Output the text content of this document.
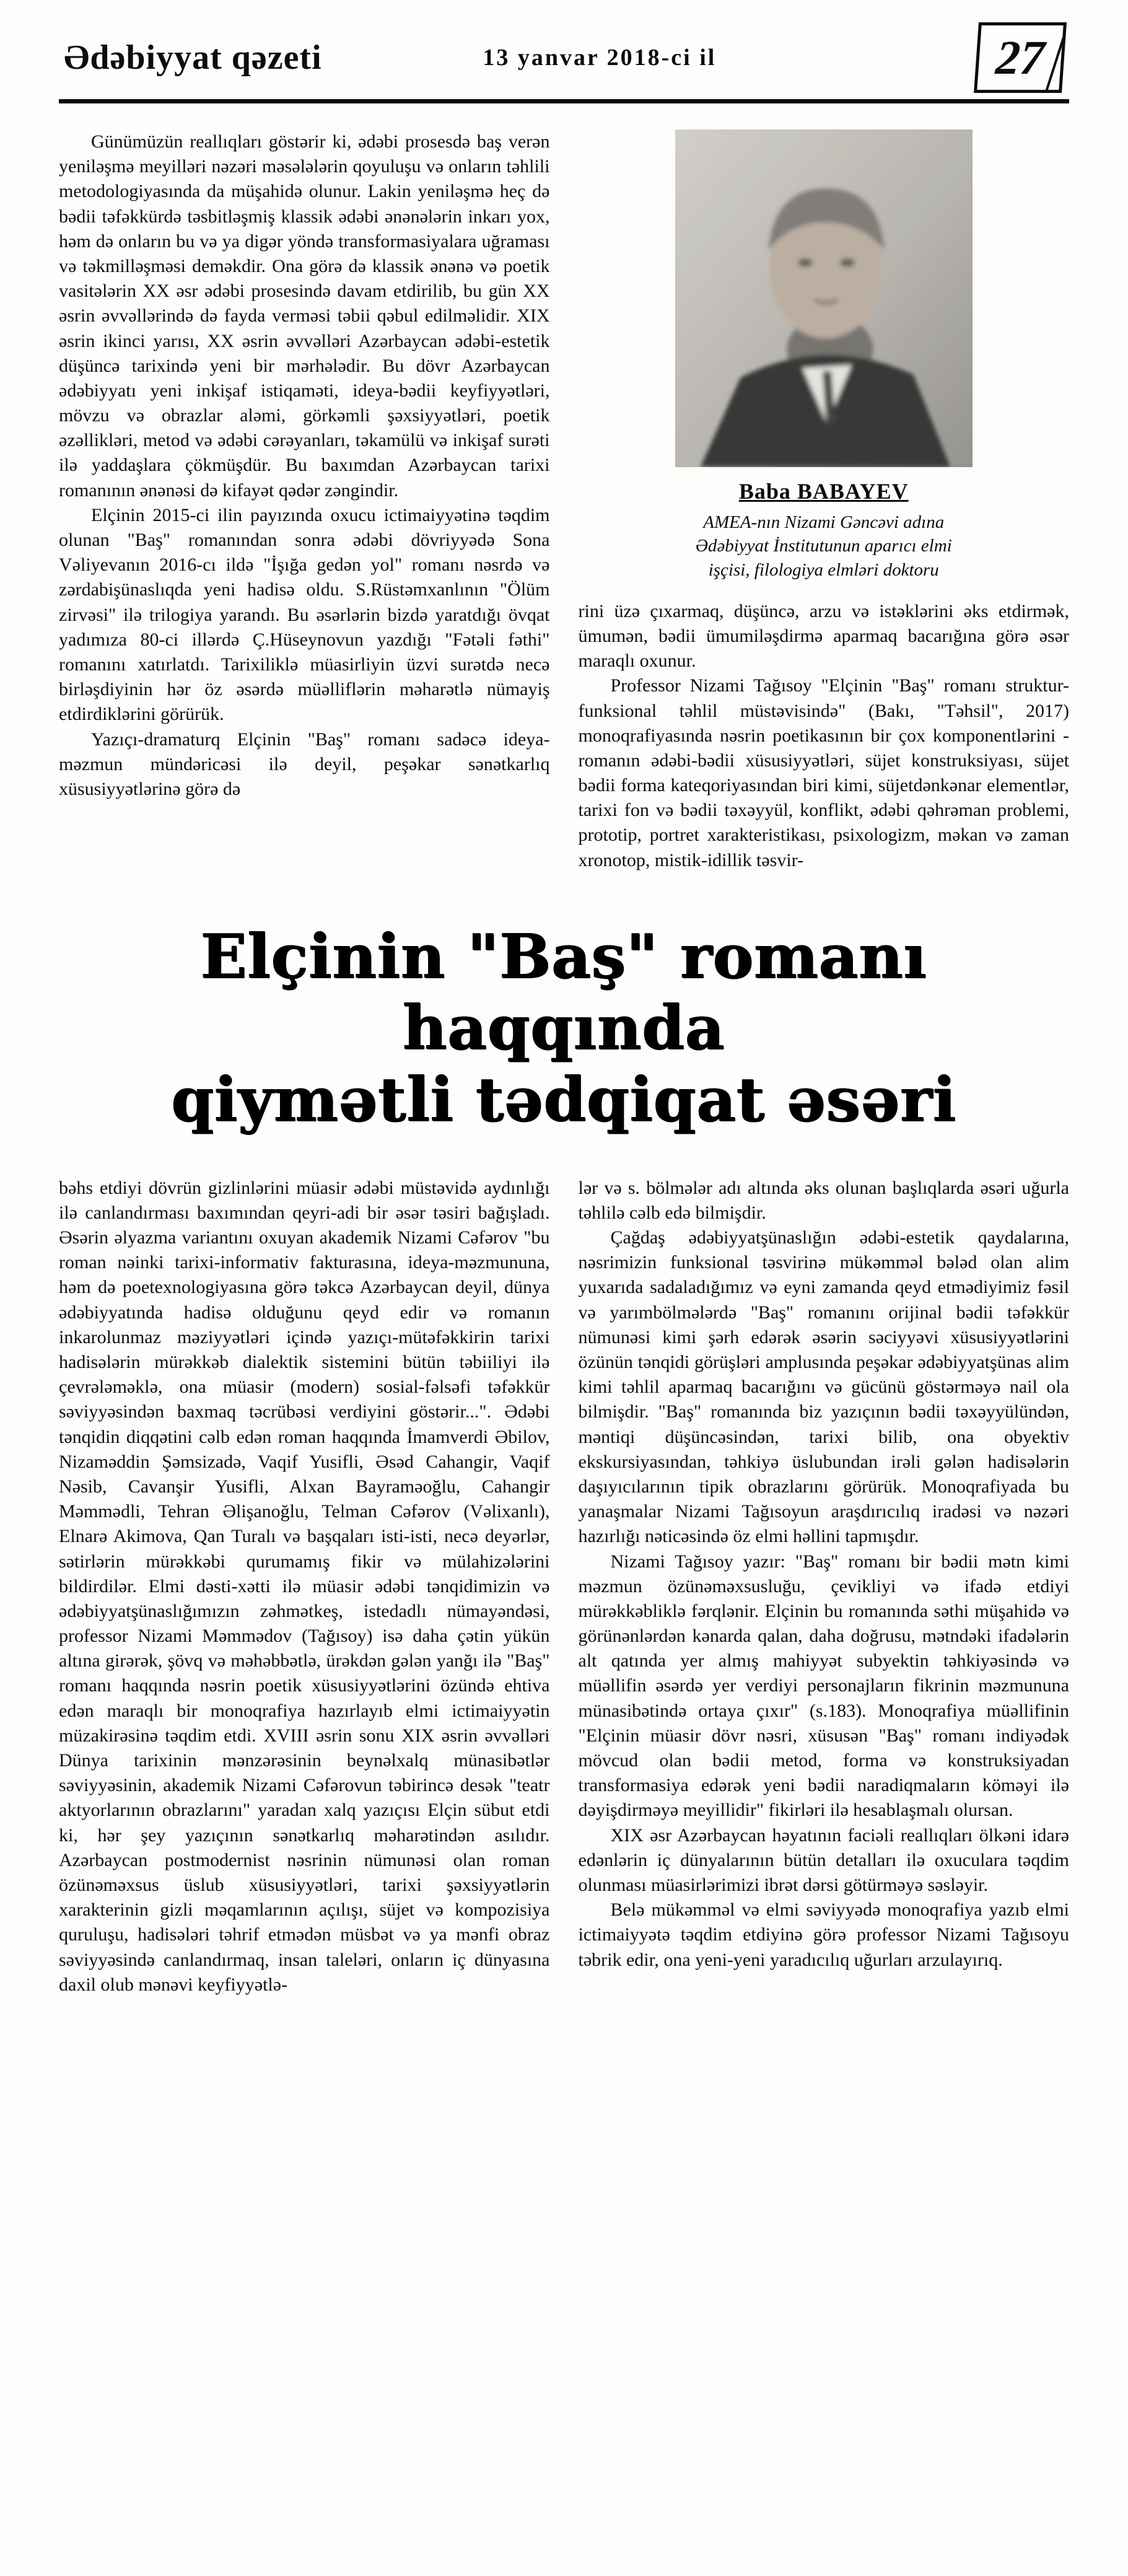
Ədəbiyyat qəzeti	13 yanvar 2018-ci il	27

Günümüzün reallıqları göstərir ki, ədəbi prosesdə baş verən yeniləşmə meyilləri nəzəri məsələlərin qoyuluşu və onların təhlili metodologiyasında da müşahidə olunur. Lakin yeniləşmə heç də bədii təfəkkürdə təsbitləşmiş klassik ədəbi ənənələrin inkarı yox, həm də onların bu və ya digər yöndə transformasiyalara uğraması və təkmilləşməsi deməkdir. Ona görə də klassik ənənə və poetik vasitələrin XX əsr ədəbi prosesində davam etdirilib, bu gün XX əsrin əvvəllərində də fayda verməsi təbii qəbul edilməlidir. XIX əsrin ikinci yarısı, XX əsrin əvvəlləri Azərbaycan ədəbi-estetik düşüncə tarixində yeni bir mərhələdir. Bu dövr Azərbaycan ədəbiyyatı yeni inkişaf istiqaməti, ideya-bədii keyfiyyətləri, mövzu və obrazlar aləmi, görkəmli şəxsiyyətləri, poetik əzəllikləri, metod və ədəbi cərəyanları, təkamülü və inkişaf surəti ilə yaddaşlara çökmüşdür. Bu baxımdan Azərbaycan tarixi romanının ənənəsi də kifayət qədər zəngindir.

Elçinin 2015-ci ilin payızında oxucu ictimaiyyətinə təqdim olunan "Baş" romanından sonra ədəbi dövriyyədə Sona Vəliyevanın 2016-cı ildə "İşığa gedən yol" romanı nəsrdə və zərdabişünaslıqda yeni hadisə oldu. S.Rüstəmxanlının "Ölüm zirvəsi" ilə trilogiya yarandı. Bu əsərlərin bizdə yaratdığı övqat yadımıza 80-ci illərdə Ç.Hüseynovun yazdığı "Fətəli fəthi" romanını xatırlatdı. Tarixiliklə müasirliyin üzvi surətdə necə birləşdiyinin hər öz əsərdə müəlliflərin məharətlə nümayiş etdirdiklərini görürük.

Yazıçı-dramaturq Elçinin "Baş" romanı sadəcə ideya-məzmun mündəricəsi ilə deyil, peşəkar sənətkarlıq xüsusiyyətlərinə görə də

Baba BABAYEV
AMEA-nın Nizami Gəncəvi adına Ədəbiyyat İnstitutunun aparıcı elmi işçisi, filologiya elmləri doktoru

rini üzə çıxarmaq, düşüncə, arzu və istəklərini əks etdirmək, ümumən, bədii ümumiləşdirmə aparmaq bacarığına görə əsər maraqlı oxunur.

Professor Nizami Tağısoy "Elçinin "Baş" romanı struktur-funksional təhlil müstəvisində" (Bakı, "Təhsil", 2017) monoqrafiyasında nəsrin poetikasının bir çox komponentlərini - romanın ədəbi-bədii xüsusiyyətləri, süjet konstruksiyası, süjet bədii forma kateqoriyasından biri kimi, süjetdənkənar elementlər, tarixi fon və bədii təxəyyül, konflikt, ədəbi qəhrəman problemi, prototip, portret xarakteristikası, psixologizm, məkan və zaman xronotop, mistik-idillik təsvir-

Elçinin "Baş" romanı haqqında
qiymətli tədqiqat əsəri

bəhs etdiyi dövrün gizlinlərini müasir ədəbi müstəvidə aydınlığı ilə canlandırması baxımından qeyri-adi bir əsər təsiri bağışladı. Əsərin əlyazma variantını oxuyan akademik Nizami Cəfərov "bu roman nəinki tarixi-informativ fakturasına, ideya-məzmununa, həm də poetexnologiyasına görə təkcə Azərbaycan deyil, dünya ədəbiyyatında hadisə olduğunu qeyd edir və romanın inkarolunmaz məziyyətləri içində yazıçı-mütəfəkkirin tarixi hadisələrin mürəkkəb dialektik sistemini bütün təbiiliyi ilə çevrələməklə, ona müasir (modern) sosial-fəlsəfi təfəkkür səviyyəsindən baxmaq təcrübəsi verdiyini göstərir...". Ədəbi tənqidin diqqətini cəlb edən roman haqqında İmamverdi Əbilov, Nizaməddin Şəmsizadə, Vaqif Yusifli, Əsəd Cahangir, Vaqif Nəsib, Cavanşir Yusifli, Alxan Bayraməoğlu, Cahangir Məmmədli, Tehran Əlişanoğlu, Telman Cəfərov (Vəlixanlı), Elnarə Akimova, Qan Turalı və başqaları isti-isti, necə deyərlər, sətirlərin mürəkkəbi qurumamış fikir və mülahizələrini bildirdilər. Elmi dəsti-xətti ilə müasir ədəbi tənqidimizin və ədəbiyyatşünaslığımızın zəhmətkeş, istedadlı nümayəndəsi, professor Nizami Məmmədov (Tağısoy) isə daha çətin yükün altına girərək, şövq və məhəbbətlə, ürəkdən gələn yanğı ilə "Baş" romanı haqqında nəsrin poetik xüsusiyyətlərini özündə ehtiva edən maraqlı bir monoqrafiya hazırlayıb elmi ictimaiyyətin müzakirəsinə təqdim etdi. XVIII əsrin sonu XIX əsrin əvvəlləri Dünya tarixinin mənzərəsinin beynəlxalq münasibətlər səviyyəsinin, akademik Nizami Cəfərovun təbirincə desək "teatr aktyorlarının obrazlarını" yaradan xalq yazıçısı Elçin sübut etdi ki, hər şey yazıçının sənətkarlıq məharətindən asılıdır. Azərbaycan postmodernist nəsrinin nümunəsi olan roman özünəməxsus üslub xüsusiyyətləri, tarixi şəxsiyyətlərin xarakterinin gizli məqamlarının açılışı, süjet və kompozisiya quruluşu, hadisələri təhrif etmədən müsbət və ya mənfi obraz səviyyəsində canlandırmaq, insan taleləri, onların iç dünyasına daxil olub mənəvi keyfiyyətlə-

lər və s. bölmələr adı altında əks olunan başlıqlarda əsəri uğurla təhlilə cəlb edə bilmişdir.

Çağdaş ədəbiyyatşünaslığın ədəbi-estetik qaydalarına, nəsrimizin funksional təsvirinə mükəmməl bələd olan alim yuxarıda sadaladığımız və eyni zamanda qeyd etmədiyimiz fəsil və yarımbölmələrdə "Baş" romanını orijinal bədii təfəkkür nümunəsi kimi şərh edərək əsərin səciyyəvi xüsusiyyətlərini özünün tənqidi görüşləri amplusında peşəkar ədəbiyyatşünas alim kimi təhlil aparmaq bacarığını və gücünü göstərməyə nail ola bilmişdir. "Baş" romanında biz yazıçının bədii təxəyyülündən, məntiqi düşüncəsindən, tarixi bilib, ona obyektiv ekskursiyasından, təhkiyə üslubundan irəli gələn hadisələrin daşıyıcılarının tipik obrazlarını görürük. Monoqrafiyada bu yanaşmalar Nizami Tağısoyun araşdırıcılıq iradəsi və nəzəri hazırlığı nəticəsində öz elmi həllini tapmışdır.

Nizami Tağısoy yazır: "Baş" romanı bir bədii mətn kimi məzmun özünəməxsusluğu, çevikliyi və ifadə etdiyi mürəkkəbliklə fərqlənir. Elçinin bu romanında səthi müşahidə və görünənlərdən kənarda qalan, daha doğrusu, mətndəki ifadələrin alt qatında yer almış mahiyyət subyektin təhkiyəsində və müəllifin əsərdə yer verdiyi personajların fikrinin məzmununa münasibətində ortaya çıxır" (s.183). Monoqrafiya müəllifinin "Elçinin müasir dövr nəsri, xüsusən "Baş" romanı indiyədək mövcud olan bədii metod, forma və konstruksiyadan transformasiya edərək yeni bədii naradiqmaların köməyi ilə dəyişdirməyə meyillidir" fikirləri ilə hesablaşmalı olursan.

XIX əsr Azərbaycan həyatının faciəli reallıqları ölkəni idarə edənlərin iç dünyalarının bütün detalları ilə oxuculara təqdim olunması müasirlərimizi ibrət dərsi götürməyə səsləyir.

Belə mükəmməl və elmi səviyyədə monoqrafiya yazıb elmi ictimaiyyətə təqdim etdiyinə görə professor Nizami Tağısoyu təbrik edir, ona yeni-yeni yaradıcılıq uğurları arzulayırıq.
